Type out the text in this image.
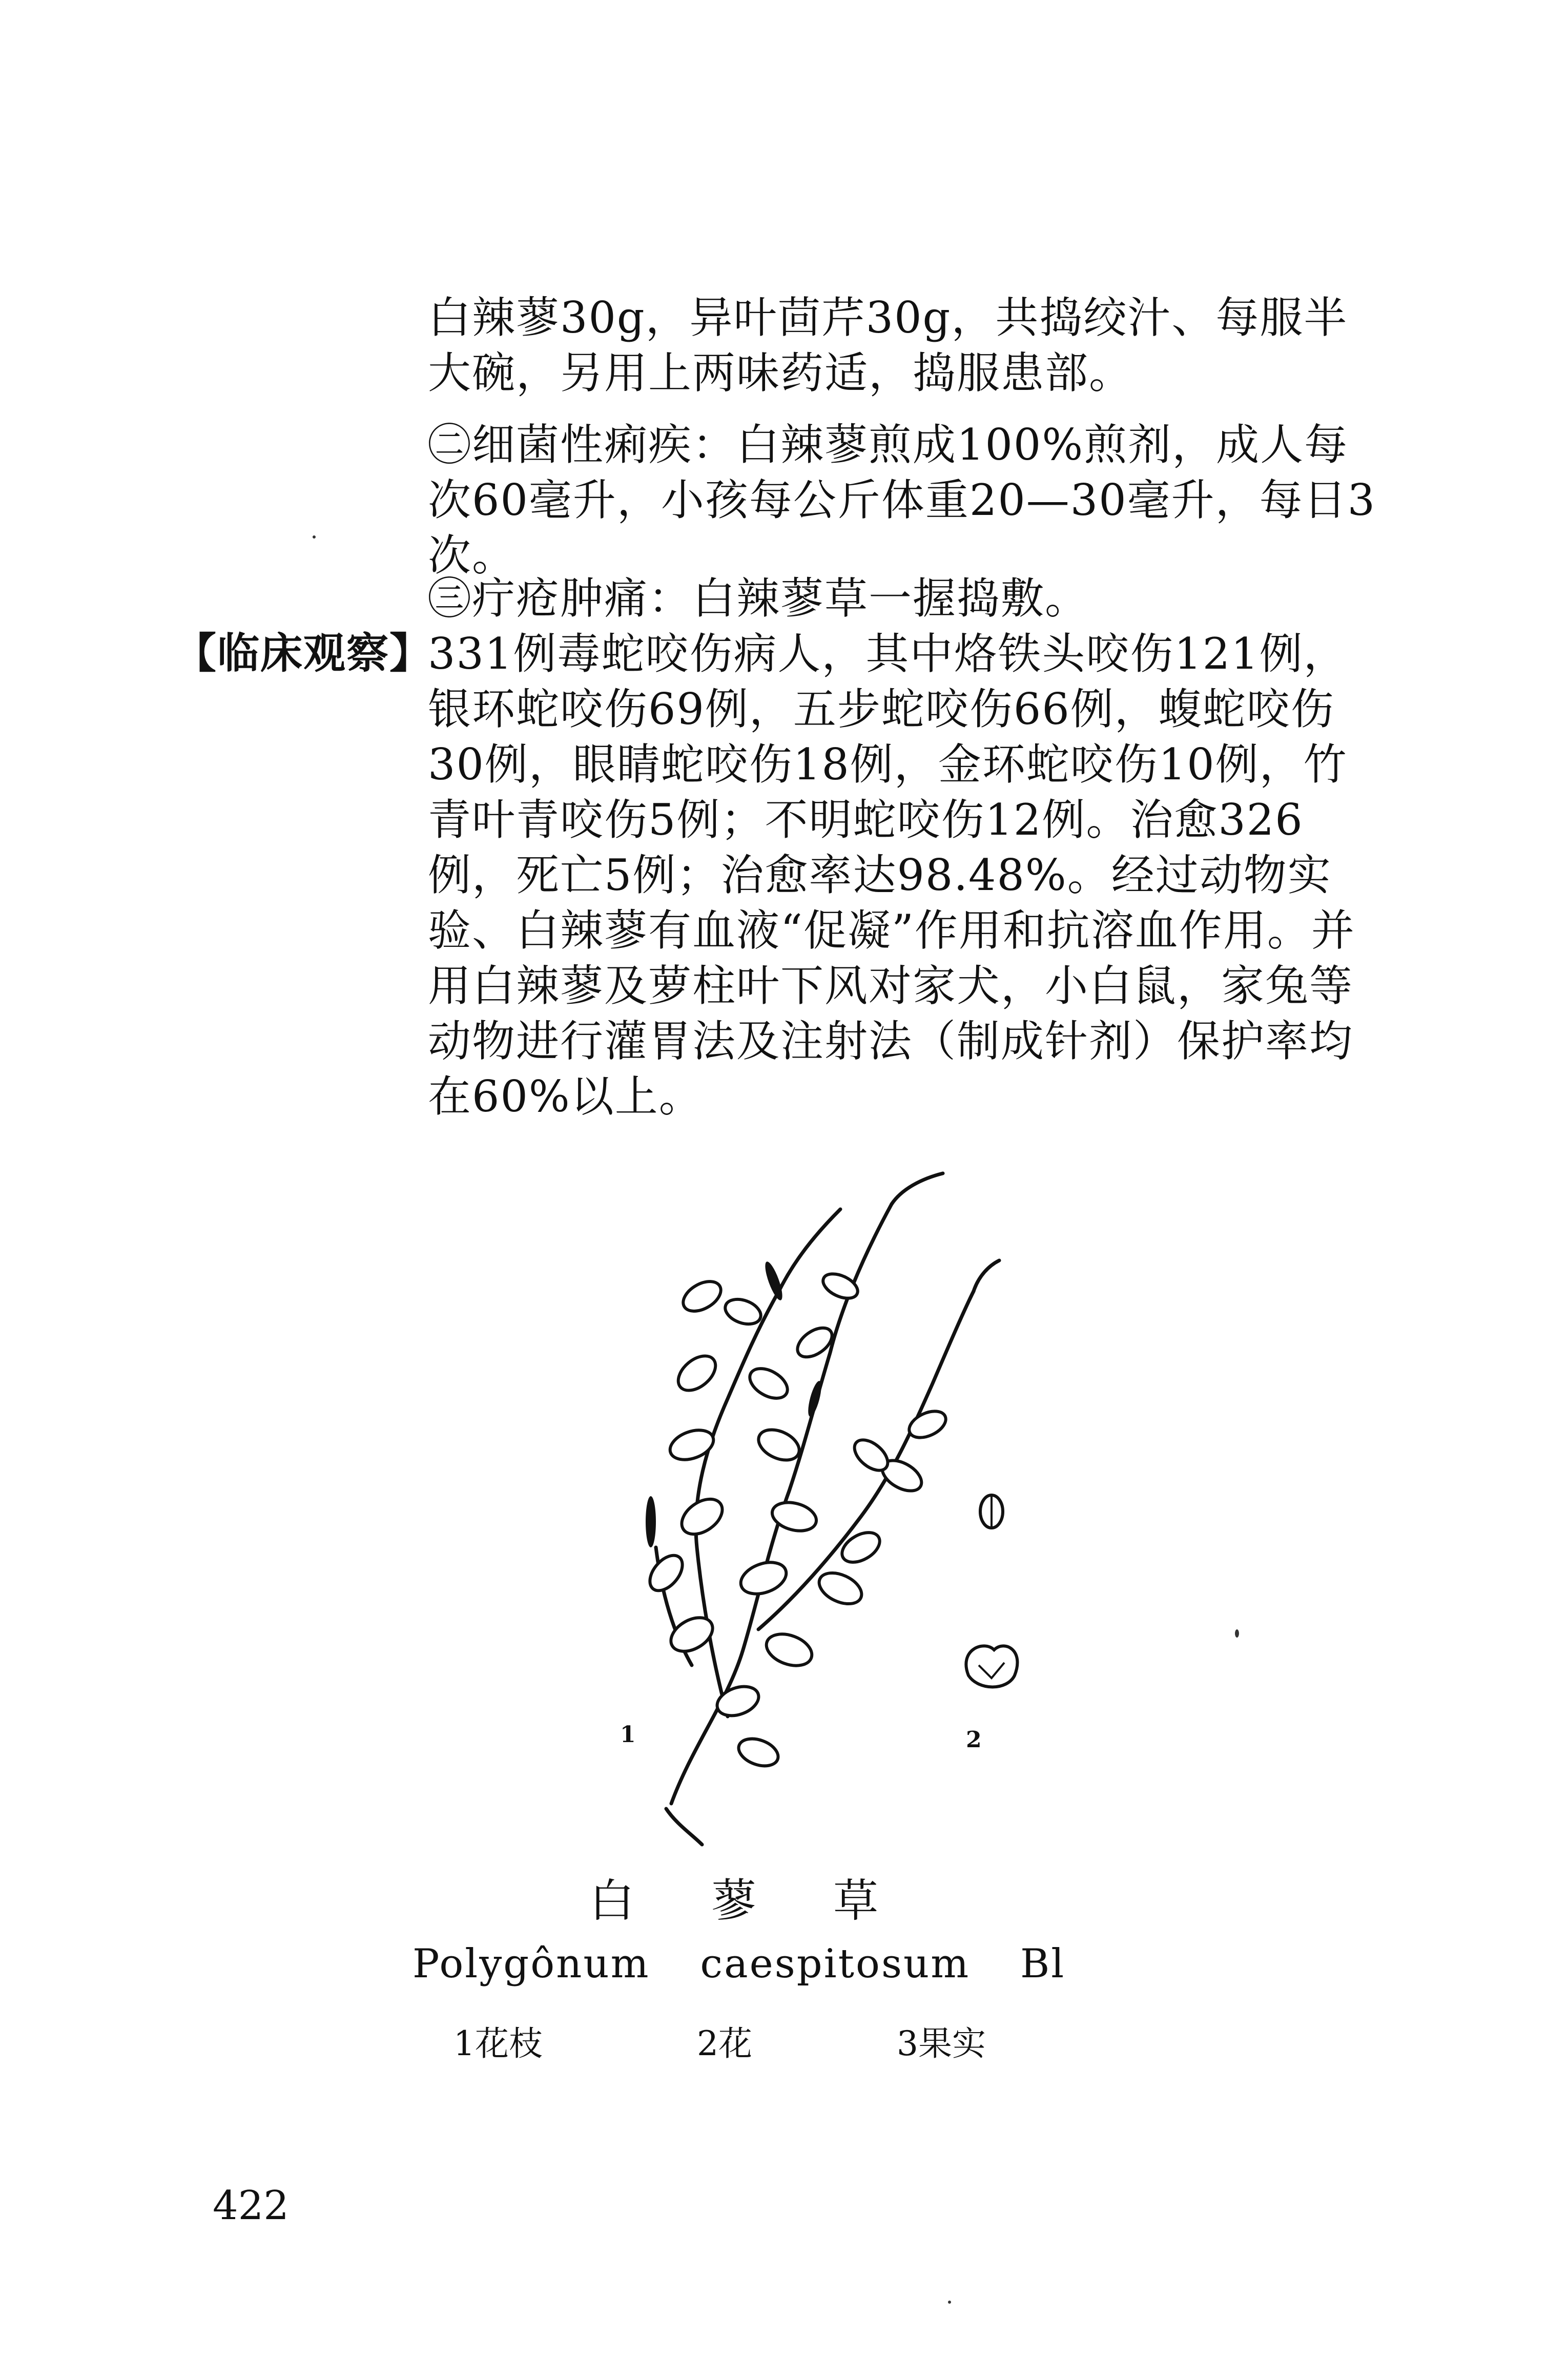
白辣蓼30g，异叶茴芹30g，共捣绞汁、每服半大碗，另用上两味药适，捣服患部。

㊁细菌性痢疾：白辣蓼煎成100%煎剂，成人每次60毫升，小孩每公斤体重20—30毫升，每日3次。

㊂疔疮肿痛：白辣蓼草一握捣敷。

【临床观察】

331例毒蛇咬伤病人，其中烙铁头咬伤121例，银环蛇咬伤69例，五步蛇咬伤66例，蝮蛇咬伤30例，眼睛蛇咬伤18例，金环蛇咬伤10例，竹青叶青咬伤5例；不明蛇咬伤12例。治愈326例，死亡5例；治愈率达98.48%。经过动物实验、白辣蓼有血液“促凝”作用和抗溶血作用。并用白辣蓼及萝柱叶下风对家犬，小白鼠，家兔等动物进行灌胃法及注射法（制成针剂）保护率均在60%以上。

1	2
白蓼草
Polygônum caespitosum Bl
1花枝	2花	3果实
422
